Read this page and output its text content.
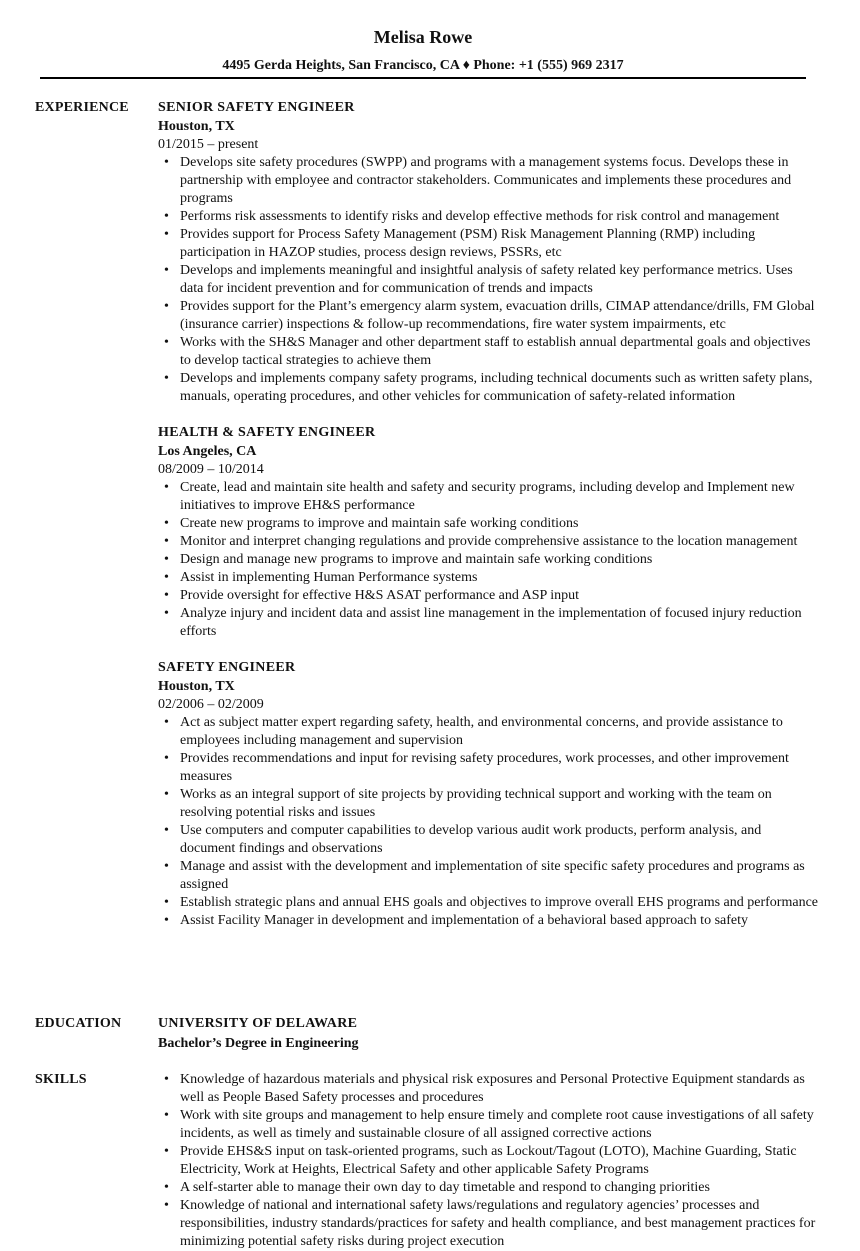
Melisa Rowe
4495 Gerda Heights, San Francisco, CA ♦ Phone: +1 (555) 969 2317
EXPERIENCE SENIOR SAFETY ENGINEER
Houston, TX
01/2015 – present
• Develops site safety procedures (SWPP) and programs with a management systems focus. Develops these in partnership with employee and contractor stakeholders. Communicates and implements these procedures and programs
• Performs risk assessments to identify risks and develop effective methods for risk control and management
• Provides support for Process Safety Management (PSM) Risk Management Planning (RMP) including participation in HAZOP studies, process design reviews, PSSRs, etc
• Develops and implements meaningful and insightful analysis of safety related key performance metrics. Uses data for incident prevention and for communication of trends and impacts
• Provides support for the Plant’s emergency alarm system, evacuation drills, CIMAP attendance/drills, FM Global (insurance carrier) inspections & follow-up recommendations, fire water system impairments, etc
• Works with the SH&S Manager and other department staff to establish annual departmental goals and objectives to develop tactical strategies to achieve them
• Develops and implements company safety programs, including technical documents such as written safety plans, manuals, operating procedures, and other vehicles for communication of safety-related information
HEALTH & SAFETY ENGINEER
Los Angeles, CA
08/2009 – 10/2014
• Create, lead and maintain site health and safety and security programs, including develop and Implement new initiatives to improve EH&S performance
• Create new programs to improve and maintain safe working conditions
• Monitor and interpret changing regulations and provide comprehensive assistance to the location management
• Design and manage new programs to improve and maintain safe working conditions
• Assist in implementing Human Performance systems
• Provide oversight for effective H&S ASAT performance and ASP input
• Analyze injury and incident data and assist line management in the implementation of focused injury reduction efforts
SAFETY ENGINEER
Houston, TX
02/2006 – 02/2009
• Act as subject matter expert regarding safety, health, and environmental concerns, and provide assistance to employees including management and supervision
• Provides recommendations and input for revising safety procedures, work processes, and other improvement measures
• Works as an integral support of site projects by providing technical support and working with the team on resolving potential risks and issues
• Use computers and computer capabilities to develop various audit work products, perform analysis, and document findings and observations
• Manage and assist with the development and implementation of site specific safety procedures and programs as assigned
• Establish strategic plans and annual EHS goals and objectives to improve overall EHS programs and performance
• Assist Facility Manager in development and implementation of a behavioral based approach to safety
EDUCATION	UNIVERSITY OF DELAWARE
Bachelor’s Degree in Engineering
SKILLS	• Knowledge of hazardous materials and physical risk exposures and Personal Protective Equipment standards as well as People Based Safety processes and procedures
• Work with site groups and management to help ensure timely and complete root cause investigations of all safety incidents, as well as timely and sustainable closure of all assigned corrective actions
• Provide EHS&S input on task-oriented programs, such as Lockout/Tagout (LOTO), Machine Guarding, Static Electricity, Work at Heights, Electrical Safety and other applicable Safety Programs
• A self-starter able to manage their own day to day timetable and respond to changing priorities
• Knowledge of national and international safety laws/regulations and regulatory agencies’ processes and responsibilities, industry standards/practices for safety and health compliance, and best management practices for minimizing potential safety risks during project execution
